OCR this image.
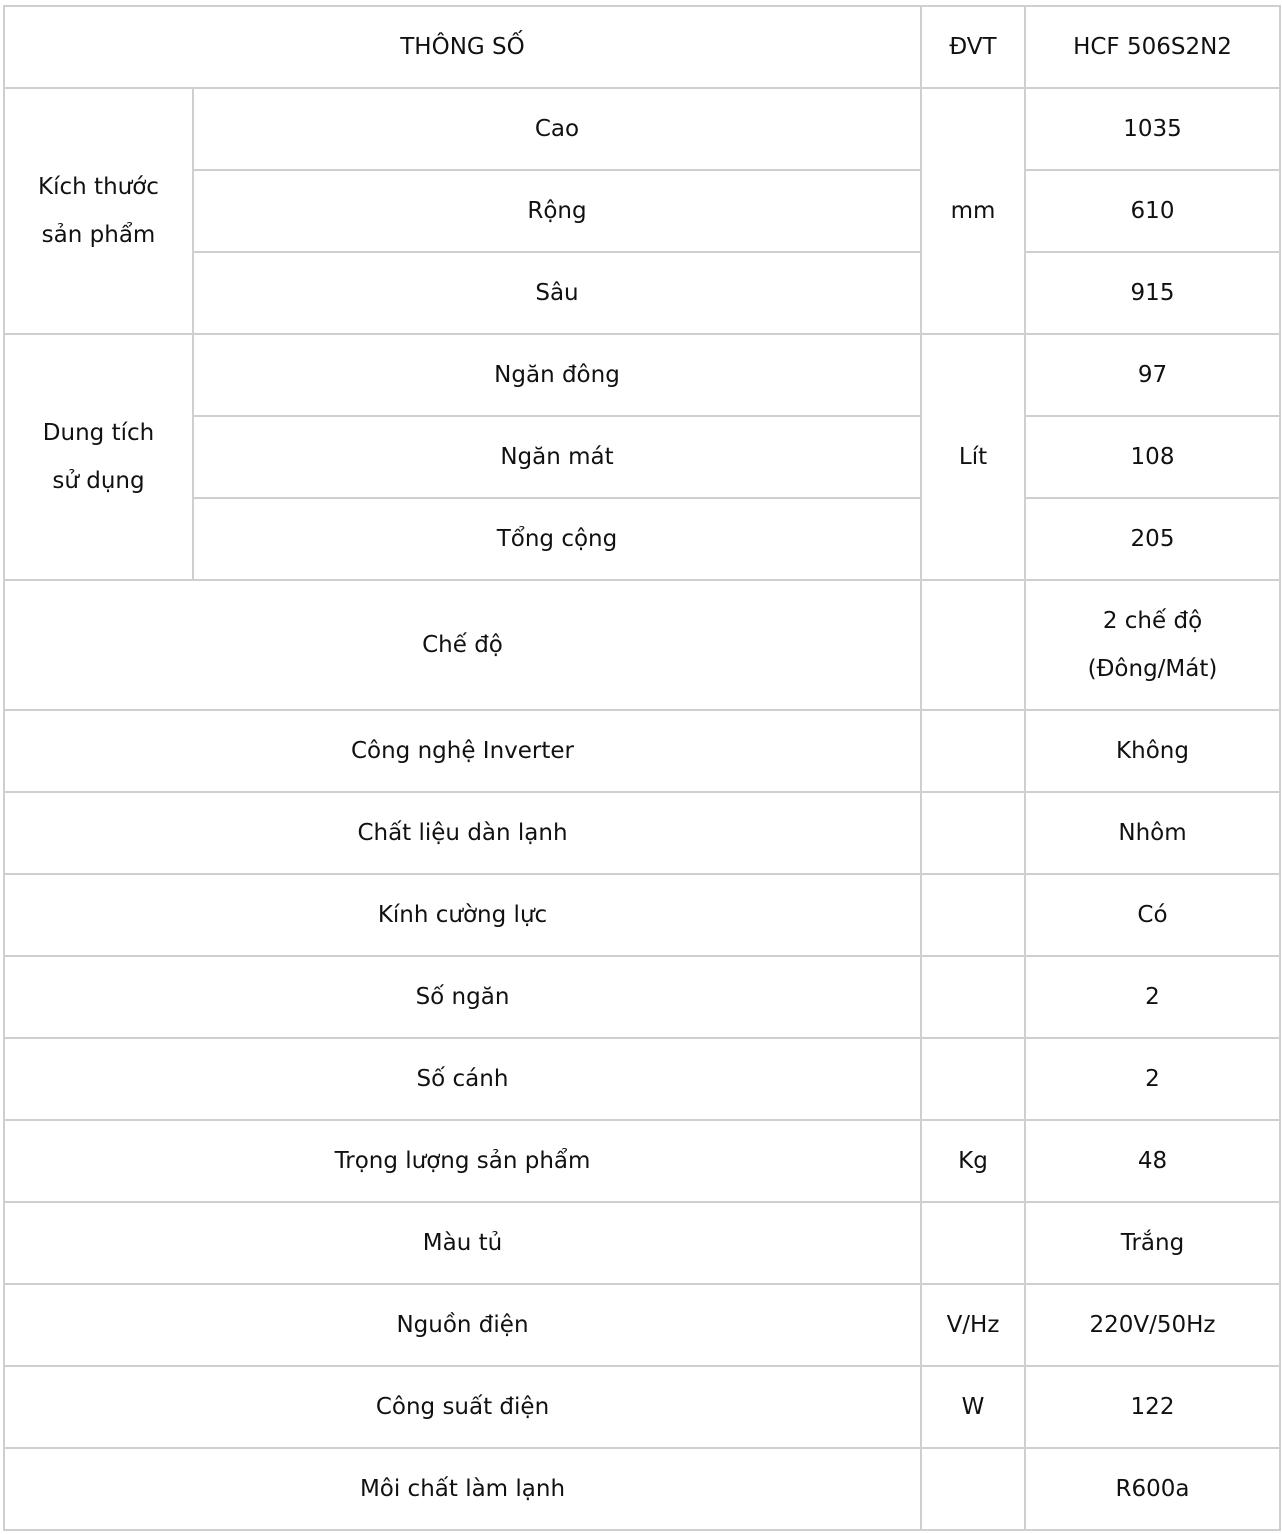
THÔNG SỐ		ĐVT	HCF 506S2N2
Kích thước
sản phẩm	Cao	mm	1035
	Rộng		610
	Sâu		915
Dung tích
sử dụng	Ngăn đông	Lít	97
	Ngăn mát		108
	Tổng cộng		205
Chế độ			2 chế độ
(Đông/Mát)
Công nghệ Inverter			Không
Chất liệu dàn lạnh			Nhôm
Kính cường lực			Có
Số ngăn			2
Số cánh			2
Trọng lượng sản phẩm		Kg	48
Màu tủ			Trắng
Nguồn điện		V/Hz	220V/50Hz
Công suất điện		W	122
Môi chất làm lạnh			R600a
